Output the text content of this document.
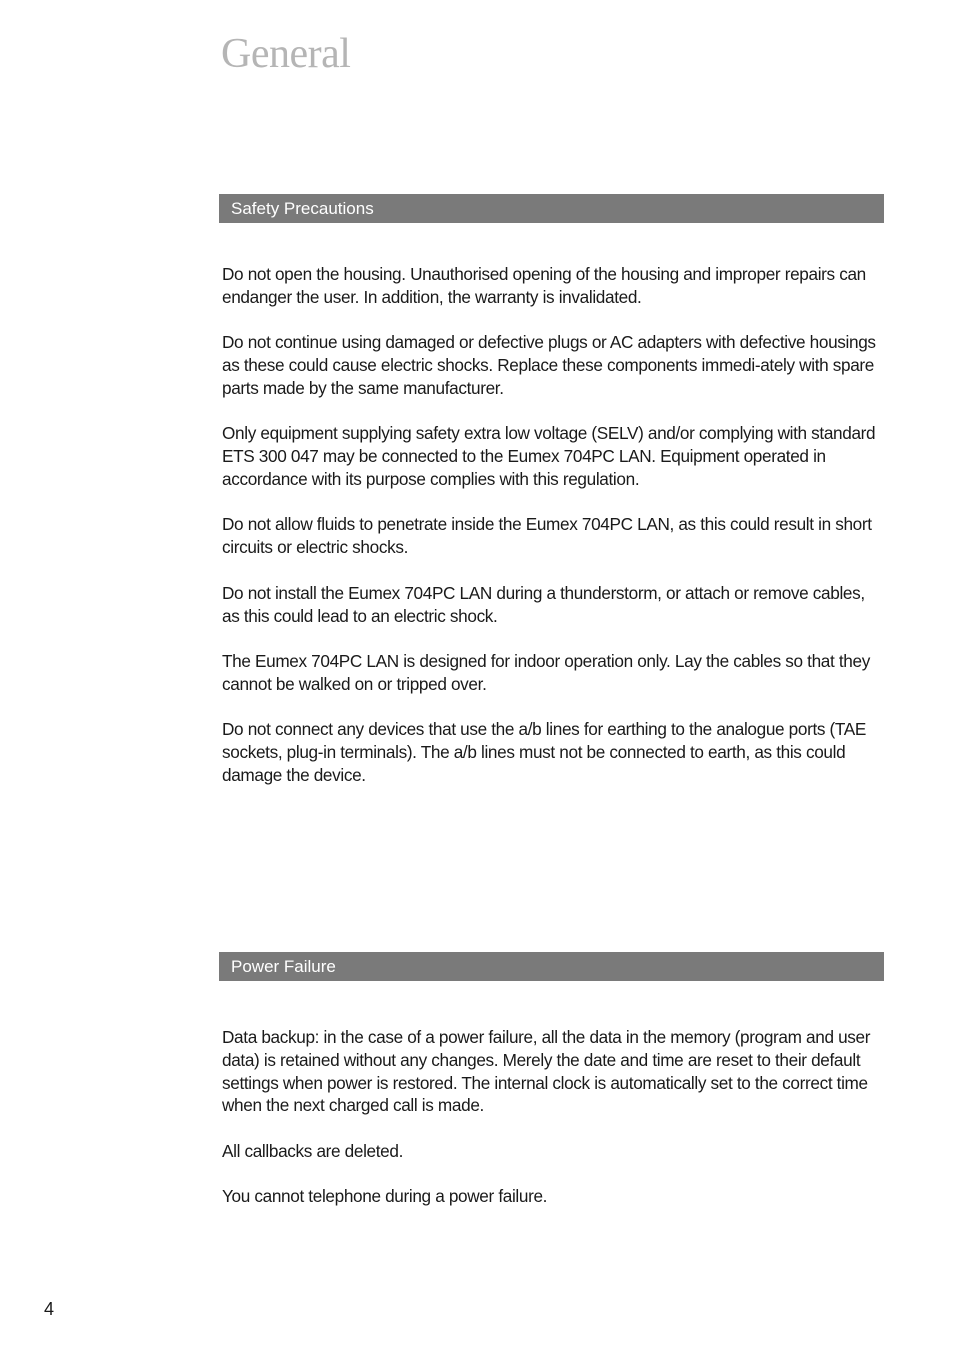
General
Safety Precautions

Do not open the housing. Unauthorised opening of the housing and improper repairs can endanger the user. In addition, the warranty is invalidated.

Do not continue using damaged or defective plugs or AC adapters with defective housings as these could cause electric shocks. Replace these components immedi-ately with spare parts made by the same manufacturer.

Only equipment supplying safety extra low voltage (SELV) and/or complying with standard ETS 300 047 may be connected to the Eumex 704PC LAN. Equipment operated in accordance with its purpose complies with this regulation.

Do not allow fluids to penetrate inside the Eumex 704PC LAN, as this could result in short circuits or electric shocks.

Do not install the Eumex 704PC LAN during a thunderstorm, or attach or remove cables, as this could lead to an electric shock.

The Eumex 704PC LAN is designed for indoor operation only. Lay the cables so that they cannot be walked on or tripped over.

Do not connect any devices that use the a/b lines for earthing to the analogue ports (TAE sockets, plug-in terminals). The a/b lines must not be connected to earth, as this could damage the device.

Power Failure

Data backup: in the case of a power failure, all the data in the memory (program and user data) is retained without any changes. Merely the date and time are reset to their default settings when power is restored. The internal clock is automatically set to the correct time when the next charged call is made.

All callbacks are deleted.

You cannot telephone during a power failure.

4
